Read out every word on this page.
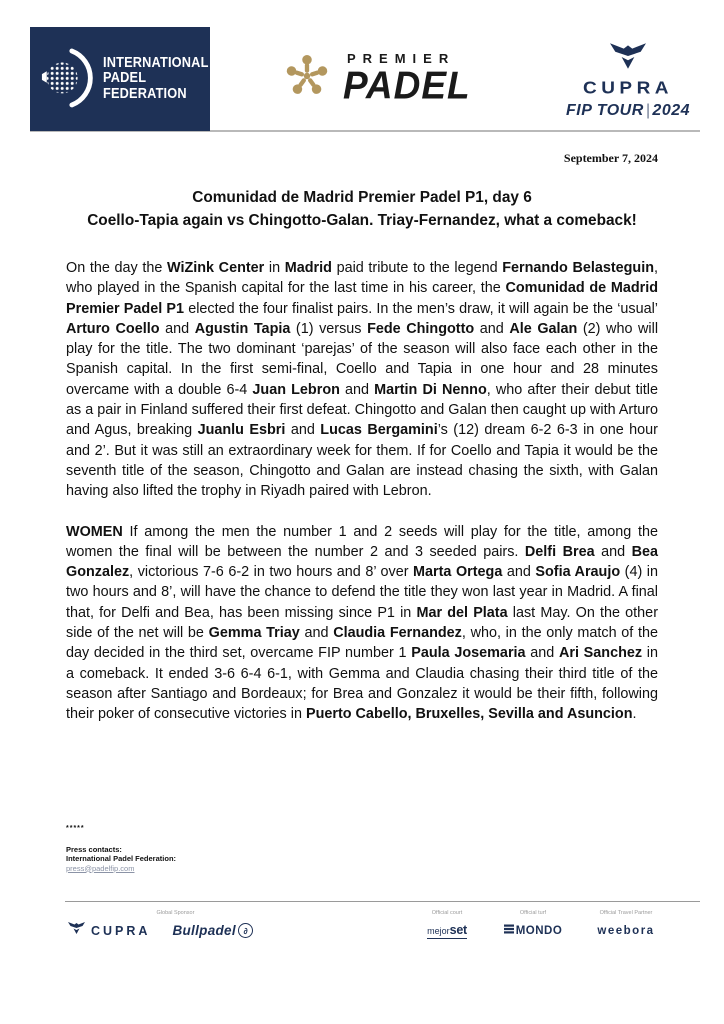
INTERNATIONAL
PADEL
FEDERATION
PREMIER
PADEL	CUPRA
FIP TOUR | 2024
September 7, 2024
Comunidad de Madrid Premier Padel P1, day 6
Coello-Tapia again vs Chingotto-Galan. Triay-Fernandez, what a comeback!

On the day the WiZink Center in Madrid paid tribute to the legend Fernando Belasteguin, who played in the Spanish capital for the last time in his career, the Comunidad de Madrid Premier Padel P1 elected the four finalist pairs. In the men’s draw, it will again be the ‘usual’ Arturo Coello and Agustin Tapia (1) versus Fede Chingotto and Ale Galan (2) who will play for the title. The two dominant ‘parejas’ of the season will also face each other in the Spanish capital. In the first semi-final, Coello and Tapia in one hour and 28 minutes overcame with a double 6-4 Juan Lebron and Martin Di Nenno, who after their debut title as a pair in Finland suffered their first defeat. Chingotto and Galan then caught up with Arturo and Agus, breaking Juanlu Esbri and Lucas Bergamini’s (12) dream 6-2 6-3 in one hour and 2’. But it was still an extraordinary week for them. If for Coello and Tapia it would be the seventh title of the season, Chingotto and Galan are instead chasing the sixth, with Galan having also lifted the trophy in Riyadh paired with Lebron.

WOMEN If among the men the number 1 and 2 seeds will play for the title, among the women the final will be between the number 2 and 3 seeded pairs. Delfi Brea and Bea Gonzalez, victorious 7-6 6-2 in two hours and 8’ over Marta Ortega and Sofia Araujo (4) in two hours and 8’, will have the chance to defend the title they won last year in Madrid. A final that, for Delfi and Bea, has been missing since P1 in Mar del Plata last May. On the other side of the net will be Gemma Triay and Claudia Fernandez, who, in the only match of the day decided in the third set, overcame FIP number 1 Paula Josemaria and Ari Sanchez in a comeback. It ended 3-6 6-4 6-1, with Gemma and Claudia chasing their third title of the season after Santiago and Bordeaux; for Brea and Gonzalez it would be their fifth, following their poker of consecutive victories in Puerto Cabello, Bruxelles, Sevilla and Asuncion.

*****
Press contacts:
International Padel Federation:
press@padelfip.com
Global Sponsor
CUPRA Bullpadel ∂
Official court
mejor set
Official turf
MONDO
Official Travel Partner
weebora
